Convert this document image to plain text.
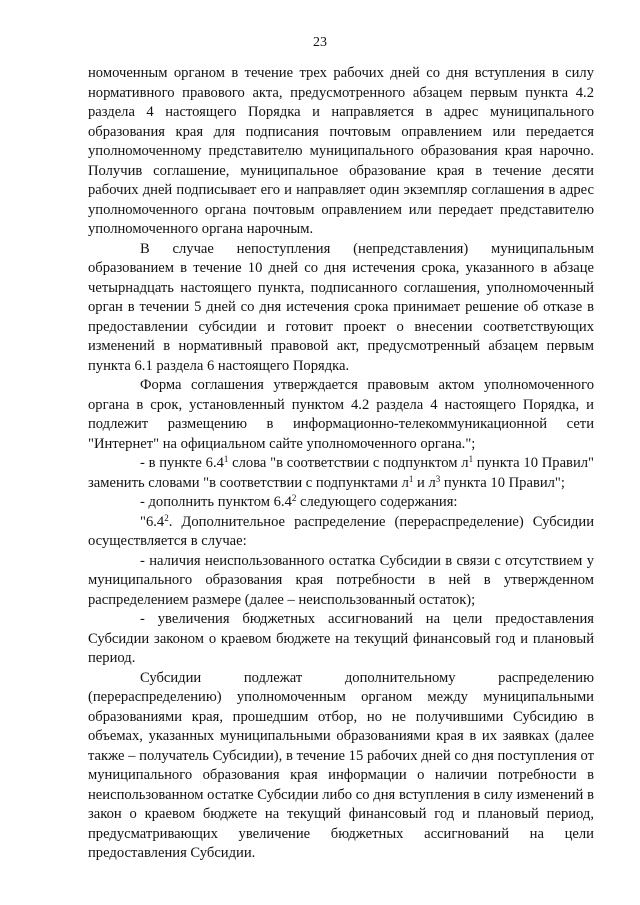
23

номоченным органом в течение трех рабочих дней со дня вступления в силу нормативного правового акта, предусмотренного абзацем первым пункта 4.2 раздела 4 настоящего Порядка и направляется в адрес муниципального образования края для подписания почтовым оправлением или передается уполномоченному представителю муниципального образования края нарочно. Получив соглашение, муниципальное образование края в течение десяти рабочих дней подписывает его и направляет один экземпляр соглашения в адрес уполномоченного органа почтовым оправлением или передает представителю уполномоченного органа нарочным.

В случае непоступления (непредставления) муниципальным образованием в течение 10 дней со дня истечения срока, указанного в абзаце четырнадцать настоящего пункта, подписанного соглашения, уполномоченный орган в течении 5 дней со дня истечения срока принимает решение об отказе в предоставлении субсидии и готовит проект о внесении соответствующих изменений в нормативный правовой акт, предусмотренный абзацем первым пункта 6.1 раздела 6 настоящего Порядка.

Форма соглашения утверждается правовым актом уполномоченного органа в срок, установленный пунктом 4.2 раздела 4 настоящего Порядка, и подлежит размещению в информационно-телекоммуникационной сети "Интернет" на официальном сайте уполномоченного органа.";

- в пункте $6.4^1$ слова "в соответствии с подпунктом $л^1$ пункта 10 Правил" заменить словами "в соответствии с подпунктами $л^1$ и $л^3$ пункта 10 Правил";

- дополнить пунктом $6.4^2$ следующего содержания:

"$6.4^2$. Дополнительное распределение (перераспределение) Субсидии осуществляется в случае:

- наличия неиспользованного остатка Субсидии в связи с отсутствием у муниципального образования края потребности в ней в утвержденном распределением размере (далее – неиспользованный остаток);

- увеличения бюджетных ассигнований на цели предоставления Субсидии законом о краевом бюджете на текущий финансовый год и плановый период.

Субсидии подлежат дополнительному распределению (перераспределению) уполномоченным органом между муниципальными образованиями края, прошедшим отбор, но не получившими Субсидию в объемах, указанных муниципальными образованиями края в их заявках (далее также – получатель Субсидии), в течение 15 рабочих дней со дня поступления от муниципального образования края информации о наличии потребности в неиспользованном остатке Субсидии либо со дня вступления в силу изменений в закон о краевом бюджете на текущий финансовый год и плановый период, предусматривающих увеличение бюджетных ассигнований на цели предоставления Субсидии.
